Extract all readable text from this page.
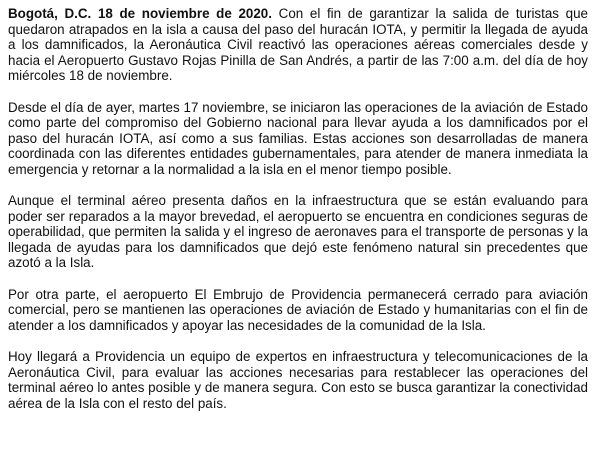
Bogotá, D.C. 18 de noviembre de 2020. Con el fin de garantizar la salida de turistas que quedaron atrapados en la isla a causa del paso del huracán IOTA, y permitir la llegada de ayuda a los damnificados, la Aeronáutica Civil reactivó las operaciones aéreas comerciales desde y hacia el Aeropuerto Gustavo Rojas Pinilla de San Andrés, a partir de las 7:00 a.m. del día de hoy miércoles 18 de noviembre.

Desde el día de ayer, martes 17 noviembre, se iniciaron las operaciones de la aviación de Estado como parte del compromiso del Gobierno nacional para llevar ayuda a los damnificados por el paso del huracán IOTA, así como a sus familias. Estas acciones son desarrolladas de manera coordinada con las diferentes entidades gubernamentales, para atender de manera inmediata la emergencia y retornar a la normalidad a la isla en el menor tiempo posible.

Aunque el terminal aéreo presenta daños en la infraestructura que se están evaluando para poder ser reparados a la mayor brevedad, el aeropuerto se encuentra en condiciones seguras de operabilidad, que permiten la salida y el ingreso de aeronaves para el transporte de personas y la llegada de ayudas para los damnificados que dejó este fenómeno natural sin precedentes que azotó a la Isla.

Por otra parte, el aeropuerto El Embrujo de Providencia permanecerá cerrado para aviación comercial, pero se mantienen las operaciones de aviación de Estado y humanitarias con el fin de atender a los damnificados y apoyar las necesidades de la comunidad de la Isla.

Hoy llegará a Providencia un equipo de expertos en infraestructura y telecomunicaciones de la Aeronáutica Civil, para evaluar las acciones necesarias para restablecer las operaciones del terminal aéreo lo antes posible y de manera segura. Con esto se busca garantizar la conectividad aérea de la Isla con el resto del país.
